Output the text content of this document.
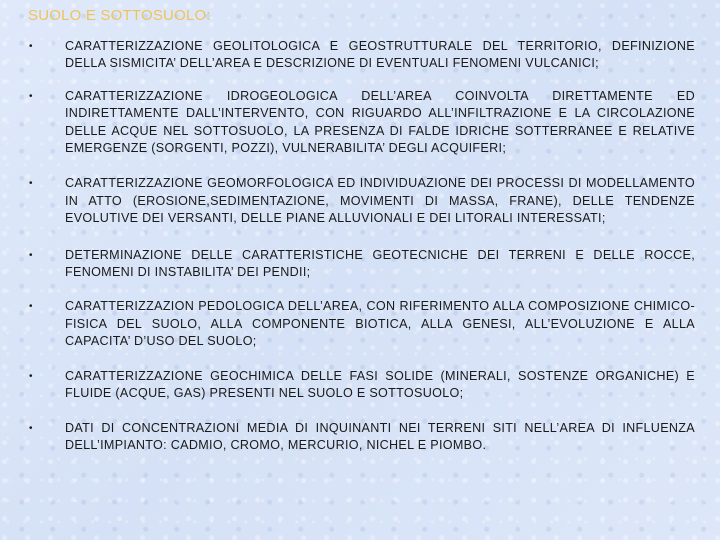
SUOLO E SOTTOSUOLO:
•	CARATTERIZZAZIONE GEOLITOLOGICA E GEOSTRUTTURALE DEL TERRITORIO, DEFINIZIONE DELLA SISMICITA’ DELL’AREA E DESCRIZIONE DI EVENTUALI FENOMENI VULCANICI;
•	CARATTERIZZAZIONE IDROGEOLOGICA DELL’AREA COINVOLTA DIRETTAMENTE ED INDIRETTAMENTE DALL’INTERVENTO, CON RIGUARDO ALL’INFILTRAZIONE E LA CIRCOLAZIONE DELLE ACQUE NEL SOTTOSUOLO, LA PRESENZA DI FALDE IDRICHE SOTTERRANEE E RELATIVE EMERGENZE (SORGENTI, POZZI), VULNERABILITA’ DEGLI ACQUIFERI;
•	CARATTERIZZAZIONE GEOMORFOLOGICA ED INDIVIDUAZIONE DEI PROCESSI DI MODELLAMENTO IN ATTO (EROSIONE,SEDIMENTAZIONE, MOVIMENTI DI MASSA, FRANE), DELLE TENDENZE EVOLUTIVE DEI VERSANTI, DELLE PIANE ALLUVIONALI E DEI LITORALI INTERESSATI;
•	DETERMINAZIONE DELLE CARATTERISTICHE GEOTECNICHE DEI TERRENI E DELLE ROCCE, FENOMENI DI INSTABILITA’ DEI PENDII;
•	CARATTERIZZAZION PEDOLOGICA DELL’AREA, CON RIFERIMENTO ALLA COMPOSIZIONE CHIMICO-FISICA DEL SUOLO, ALLA COMPONENTE BIOTICA, ALLA GENESI, ALL’EVOLUZIONE E ALLA CAPACITA’ D’USO DEL SUOLO;
•	CARATTERIZZAZIONE GEOCHIMICA DELLE FASI SOLIDE (MINERALI, SOSTENZE ORGANICHE) E FLUIDE (ACQUE, GAS) PRESENTI NEL SUOLO E SOTTOSUOLO;
•	DATI DI CONCENTRAZIONI MEDIA DI INQUINANTI NEI TERRENI SITI NELL’AREA DI INFLUENZA DELL’IMPIANTO: CADMIO, CROMO, MERCURIO, NICHEL E PIOMBO.
